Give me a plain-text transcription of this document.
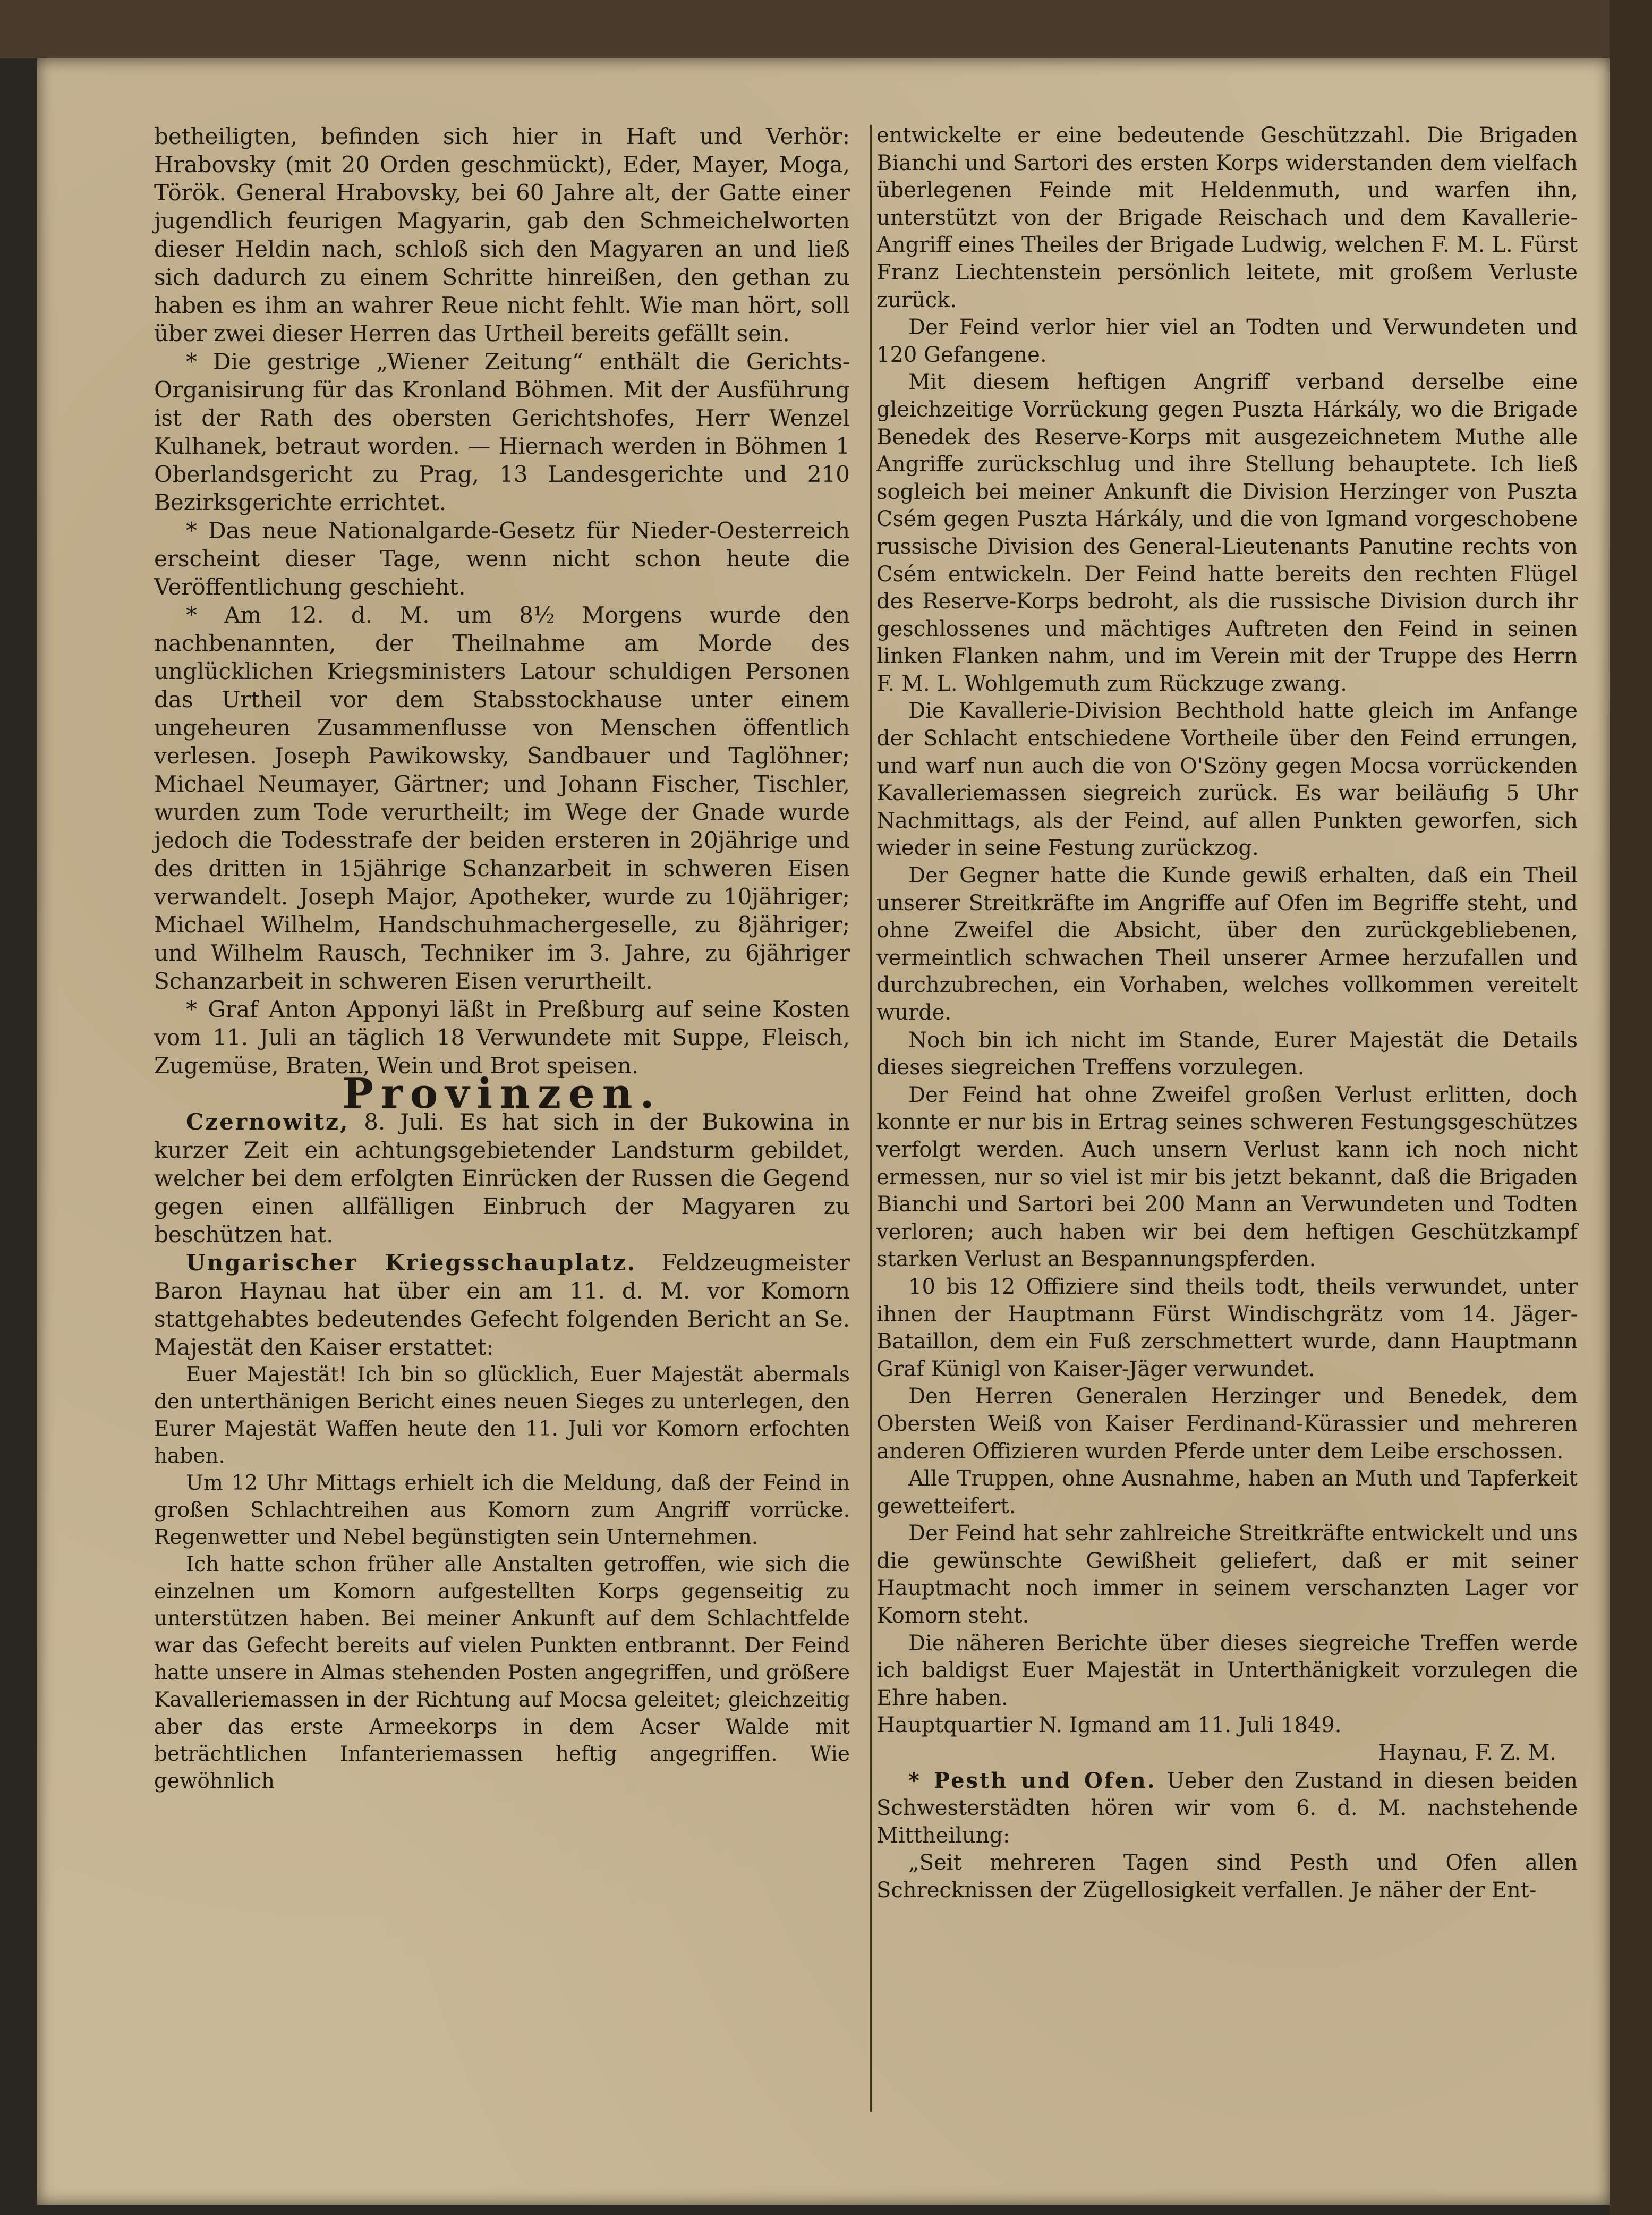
betheiligten, befinden sich hier in Haft und Verhör: Hrabovsky (mit 20 Orden geschmückt), Eder, Mayer, Moga, Török. General Hrabovsky, bei 60 Jahre alt, der Gatte einer jugendlich feurigen Magyarin, gab den Schmeichelworten dieser Heldin nach, schloß sich den Magyaren an und ließ sich dadurch zu einem Schritte hinreißen, den gethan zu haben es ihm an wahrer Reue nicht fehlt. Wie man hört, soll über zwei dieser Herren das Urtheil bereits gefällt sein.

* Die gestrige „Wiener Zeitung“ enthält die Gerichts-Organisirung für das Kronland Böhmen. Mit der Ausführung ist der Rath des obersten Gerichtshofes, Herr Wenzel Kulhanek, betraut worden. — Hiernach werden in Böhmen 1 Oberlandsgericht zu Prag, 13 Landesgerichte und 210 Bezirksgerichte errichtet.

* Das neue Nationalgarde-Gesetz für Nieder-Oesterreich erscheint dieser Tage, wenn nicht schon heute die Veröffentlichung geschieht.

* Am 12. d. M. um 8½ Morgens wurde den nachbenannten, der Theilnahme am Morde des unglücklichen Kriegsministers Latour schuldigen Personen das Urtheil vor dem Stabsstockhause unter einem ungeheuren Zusammenflusse von Menschen öffentlich verlesen. Joseph Pawikowsky, Sandbauer und Taglöhner; Michael Neumayer, Gärtner; und Johann Fischer, Tischler, wurden zum Tode verurtheilt; im Wege der Gnade wurde jedoch die Todesstrafe der beiden ersteren in 20jährige und des dritten in 15jährige Schanzarbeit in schweren Eisen verwandelt. Joseph Major, Apotheker, wurde zu 10jähriger; Michael Wilhelm, Handschuhmachergeselle, zu 8jähriger; und Wilhelm Rausch, Techniker im 3. Jahre, zu 6jähriger Schanzarbeit in schweren Eisen verurtheilt.

* Graf Anton Apponyi läßt in Preßburg auf seine Kosten vom 11. Juli an täglich 18 Verwundete mit Suppe, Fleisch, Zugemüse, Braten, Wein und Brot speisen.

Provinzen.

Czernowitz, 8. Juli. Es hat sich in der Bukowina in kurzer Zeit ein achtungsgebietender Landsturm gebildet, welcher bei dem erfolgten Einrücken der Russen die Gegend gegen einen allfälligen Einbruch der Magyaren zu beschützen hat.

Ungarischer Kriegsschauplatz. Feldzeugmeister Baron Haynau hat über ein am 11. d. M. vor Komorn stattgehabtes bedeutendes Gefecht folgenden Bericht an Se. Majestät den Kaiser erstattet:

Euer Majestät! Ich bin so glücklich, Euer Majestät abermals den unterthänigen Bericht eines neuen Sieges zu unterlegen, den Eurer Majestät Waffen heute den 11. Juli vor Komorn erfochten haben.

Um 12 Uhr Mittags erhielt ich die Meldung, daß der Feind in großen Schlachtreihen aus Komorn zum Angriff vorrücke. Regenwetter und Nebel begünstigten sein Unternehmen.

Ich hatte schon früher alle Anstalten getroffen, wie sich die einzelnen um Komorn aufgestellten Korps gegenseitig zu unterstützen haben. Bei meiner Ankunft auf dem Schlachtfelde war das Gefecht bereits auf vielen Punkten entbrannt. Der Feind hatte unsere in Almas stehenden Posten angegriffen, und größere Kavalleriemassen in der Richtung auf Mocsa geleitet; gleichzeitig aber das erste Armeekorps in dem Acser Walde mit beträchtlichen Infanteriemassen heftig angegriffen. Wie gewöhnlich

entwickelte er eine bedeutende Geschützzahl. Die Brigaden Bianchi und Sartori des ersten Korps widerstanden dem vielfach überlegenen Feinde mit Heldenmuth, und warfen ihn, unterstützt von der Brigade Reischach und dem Kavallerie-Angriff eines Theiles der Brigade Ludwig, welchen F. M. L. Fürst Franz Liechtenstein persönlich leitete, mit großem Verluste zurück.

Der Feind verlor hier viel an Todten und Verwundeten und 120 Gefangene.

Mit diesem heftigen Angriff verband derselbe eine gleichzeitige Vorrückung gegen Puszta Hárkály, wo die Brigade Benedek des Reserve-Korps mit ausgezeichnetem Muthe alle Angriffe zurückschlug und ihre Stellung behauptete. Ich ließ sogleich bei meiner Ankunft die Division Herzinger von Puszta Csém gegen Puszta Hárkály, und die von Igmand vorgeschobene russische Division des General-Lieutenants Panutine rechts von Csém entwickeln. Der Feind hatte bereits den rechten Flügel des Reserve-Korps bedroht, als die russische Division durch ihr geschlossenes und mächtiges Auftreten den Feind in seinen linken Flanken nahm, und im Verein mit der Truppe des Herrn F. M. L. Wohlgemuth zum Rückzuge zwang.

Die Kavallerie-Division Bechthold hatte gleich im Anfange der Schlacht entschiedene Vortheile über den Feind errungen, und warf nun auch die von O'Szöny gegen Mocsa vorrückenden Kavalleriemassen siegreich zurück. Es war beiläufig 5 Uhr Nachmittags, als der Feind, auf allen Punkten geworfen, sich wieder in seine Festung zurückzog.

Der Gegner hatte die Kunde gewiß erhalten, daß ein Theil unserer Streitkräfte im Angriffe auf Ofen im Begriffe steht, und ohne Zweifel die Absicht, über den zurückgebliebenen, vermeintlich schwachen Theil unserer Armee herzufallen und durchzubrechen, ein Vorhaben, welches vollkommen vereitelt wurde.

Noch bin ich nicht im Stande, Eurer Majestät die Details dieses siegreichen Treffens vorzulegen.

Der Feind hat ohne Zweifel großen Verlust erlitten, doch konnte er nur bis in Ertrag seines schweren Festungsgeschützes verfolgt werden. Auch unsern Verlust kann ich noch nicht ermessen, nur so viel ist mir bis jetzt bekannt, daß die Brigaden Bianchi und Sartori bei 200 Mann an Verwundeten und Todten verloren; auch haben wir bei dem heftigen Geschützkampf starken Verlust an Bespannungspferden.

10 bis 12 Offiziere sind theils todt, theils verwundet, unter ihnen der Hauptmann Fürst Windischgrätz vom 14. Jäger-Bataillon, dem ein Fuß zerschmettert wurde, dann Hauptmann Graf Künigl von Kaiser-Jäger verwundet.

Den Herren Generalen Herzinger und Benedek, dem Obersten Weiß von Kaiser Ferdinand-Kürassier und mehreren anderen Offizieren wurden Pferde unter dem Leibe erschossen.

Alle Truppen, ohne Ausnahme, haben an Muth und Tapferkeit gewetteifert.

Der Feind hat sehr zahlreiche Streitkräfte entwickelt und uns die gewünschte Gewißheit geliefert, daß er mit seiner Hauptmacht noch immer in seinem verschanzten Lager vor Komorn steht.

Die näheren Berichte über dieses siegreiche Treffen werde ich baldigst Euer Majestät in Unterthänigkeit vorzulegen die Ehre haben.

Hauptquartier N. Igmand am 11. Juli 1849.

Haynau, F. Z. M.

* Pesth und Ofen. Ueber den Zustand in diesen beiden Schwesterstädten hören wir vom 6. d. M. nachstehende Mittheilung:

„Seit mehreren Tagen sind Pesth und Ofen allen Schrecknissen der Zügellosigkeit verfallen. Je näher der Ent-
